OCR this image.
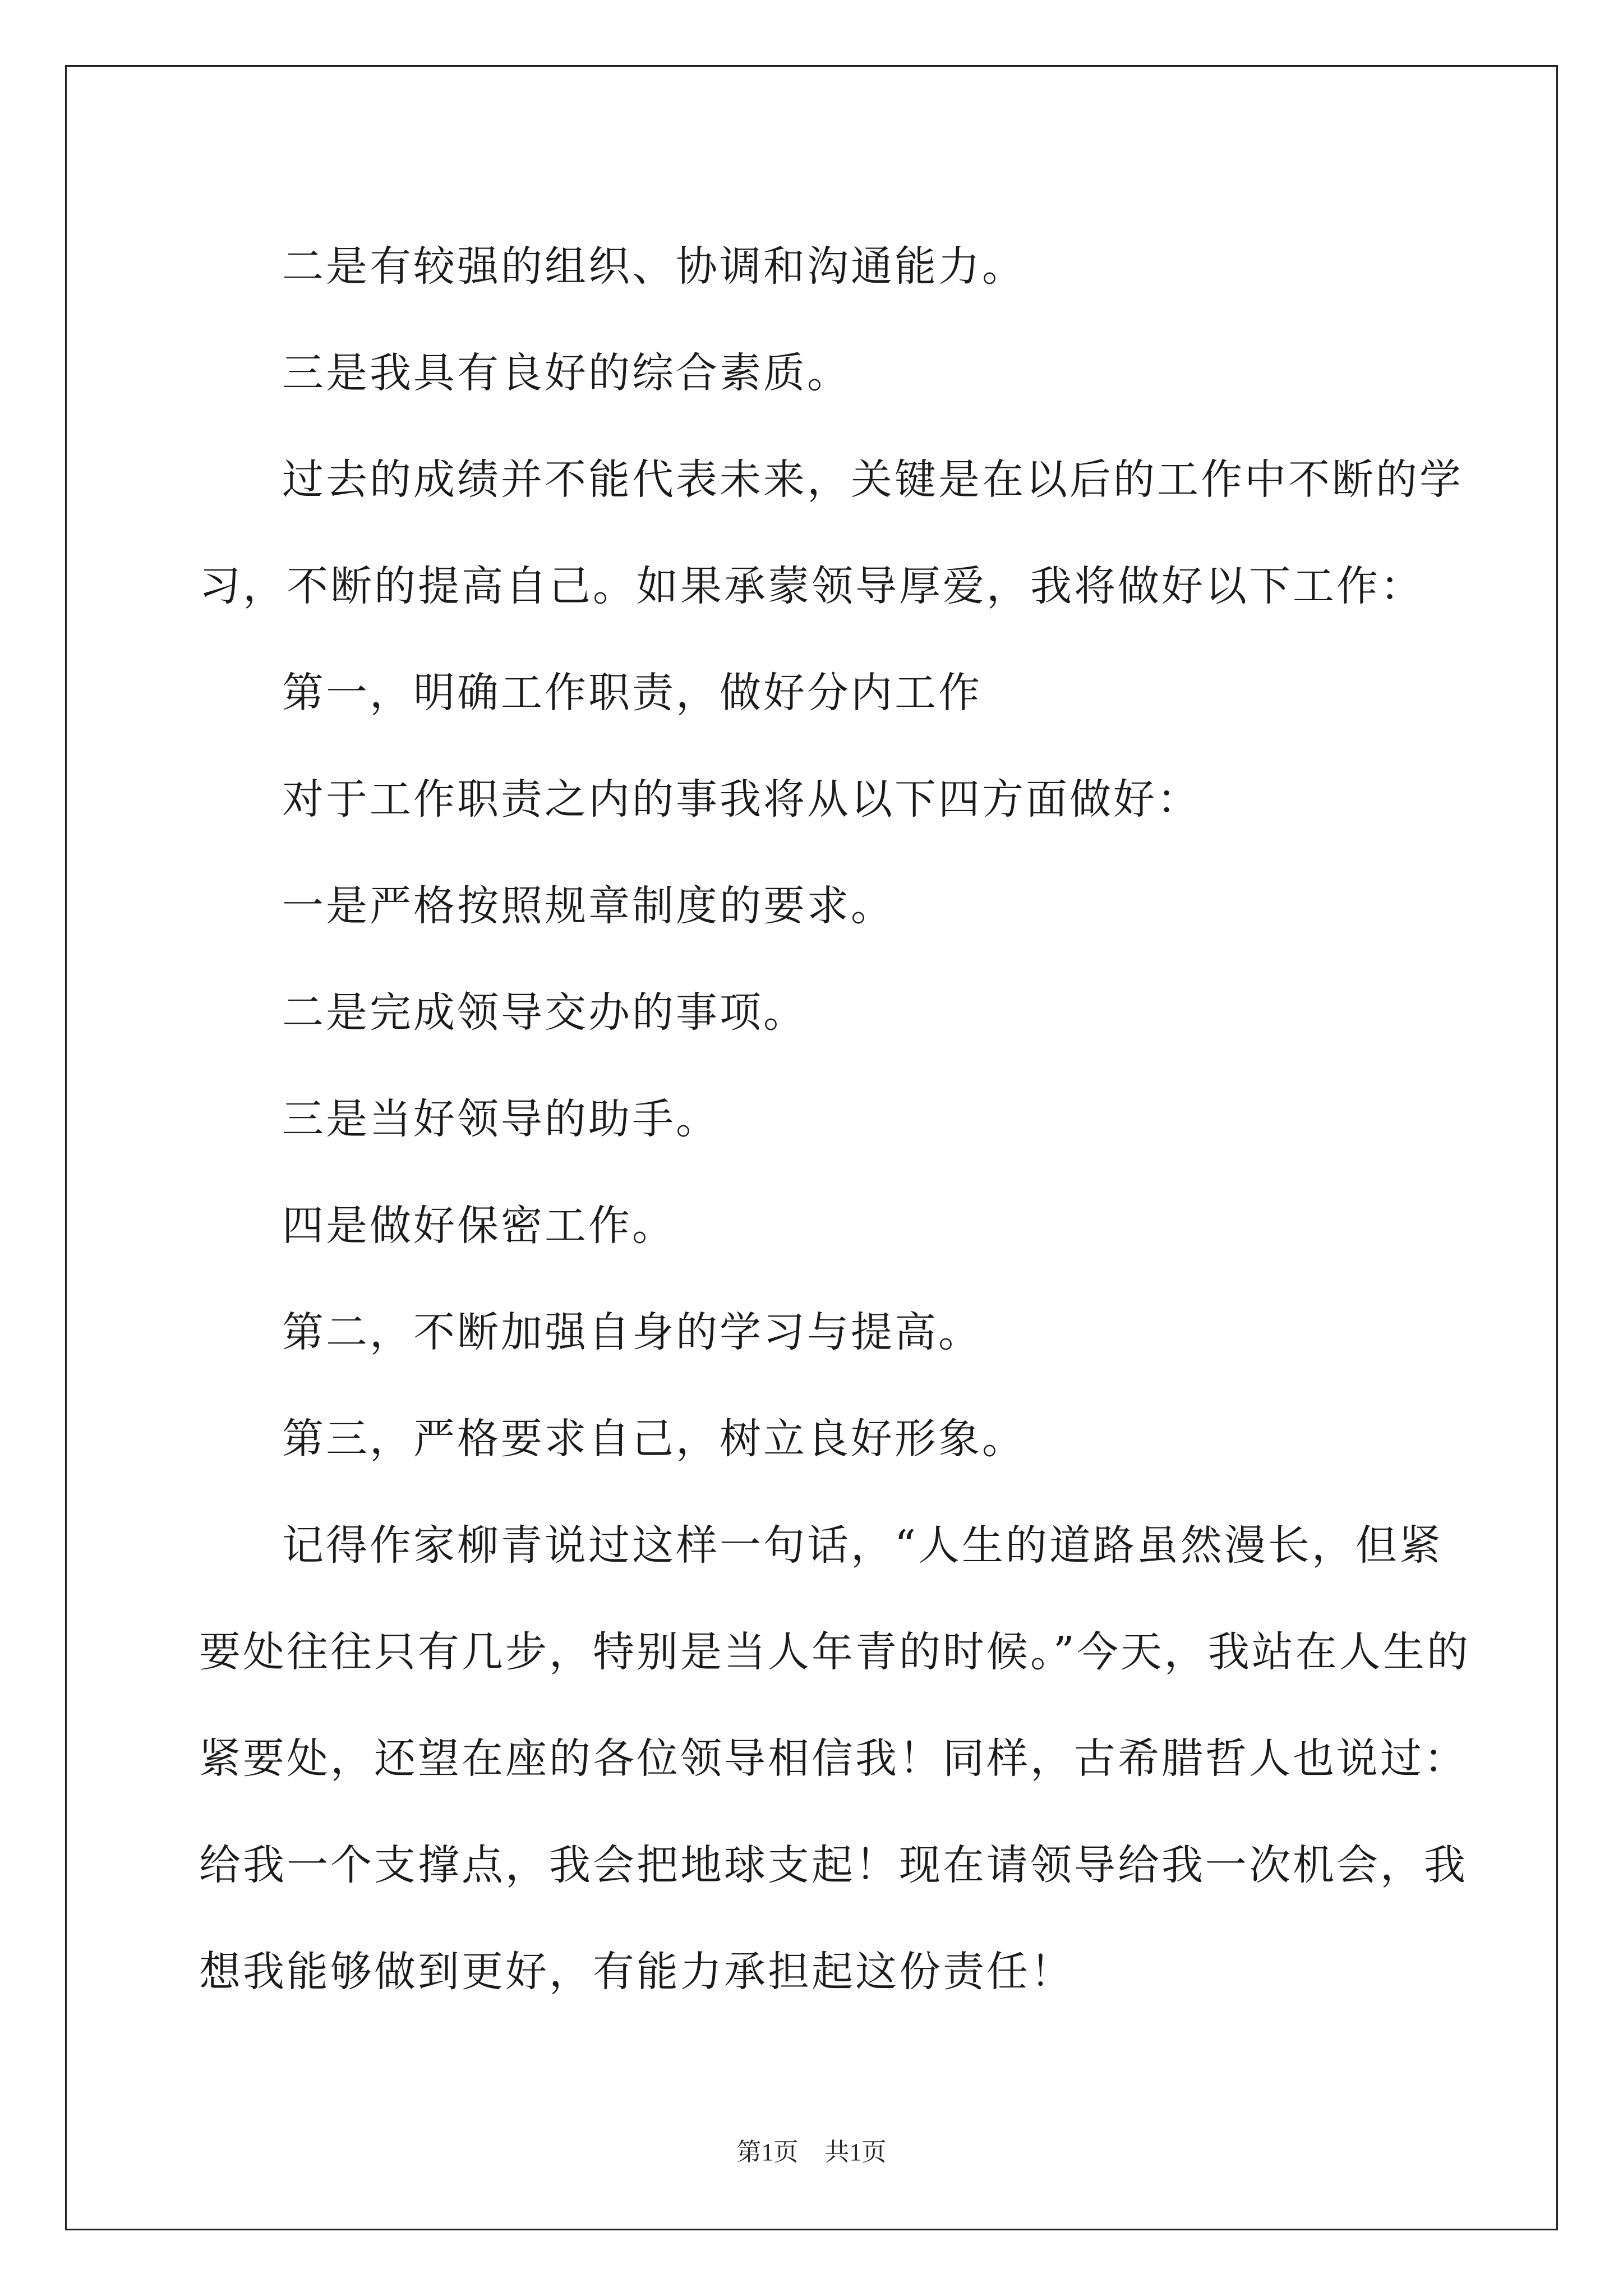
二是有较强的组织、协调和沟通能力。

三是我具有良好的综合素质。

过去的成绩并不能代表未来，关键是在以后的工作中不断的学习，不断的提高自己。如果承蒙领导厚爱，我将做好以下工作：

第一，明确工作职责，做好分内工作

对于工作职责之内的事我将从以下四方面做好：

一是严格按照规章制度的要求。

二是完成领导交办的事项。

三是当好领导的助手。

四是做好保密工作。

第二，不断加强自身的学习与提高。

第三，严格要求自己，树立良好形象。

记得作家柳青说过这样一句话，“人生的道路虽然漫长，但紧要处往往只有几步，特别是当人年青的时候。”今天，我站在人生的紧要处，还望在座的各位领导相信我！同样，古希腊哲人也说过：给我一个支撑点，我会把地球支起！现在请领导给我一次机会，我想我能够做到更好，有能力承担起这份责任！

第1页 共1页
